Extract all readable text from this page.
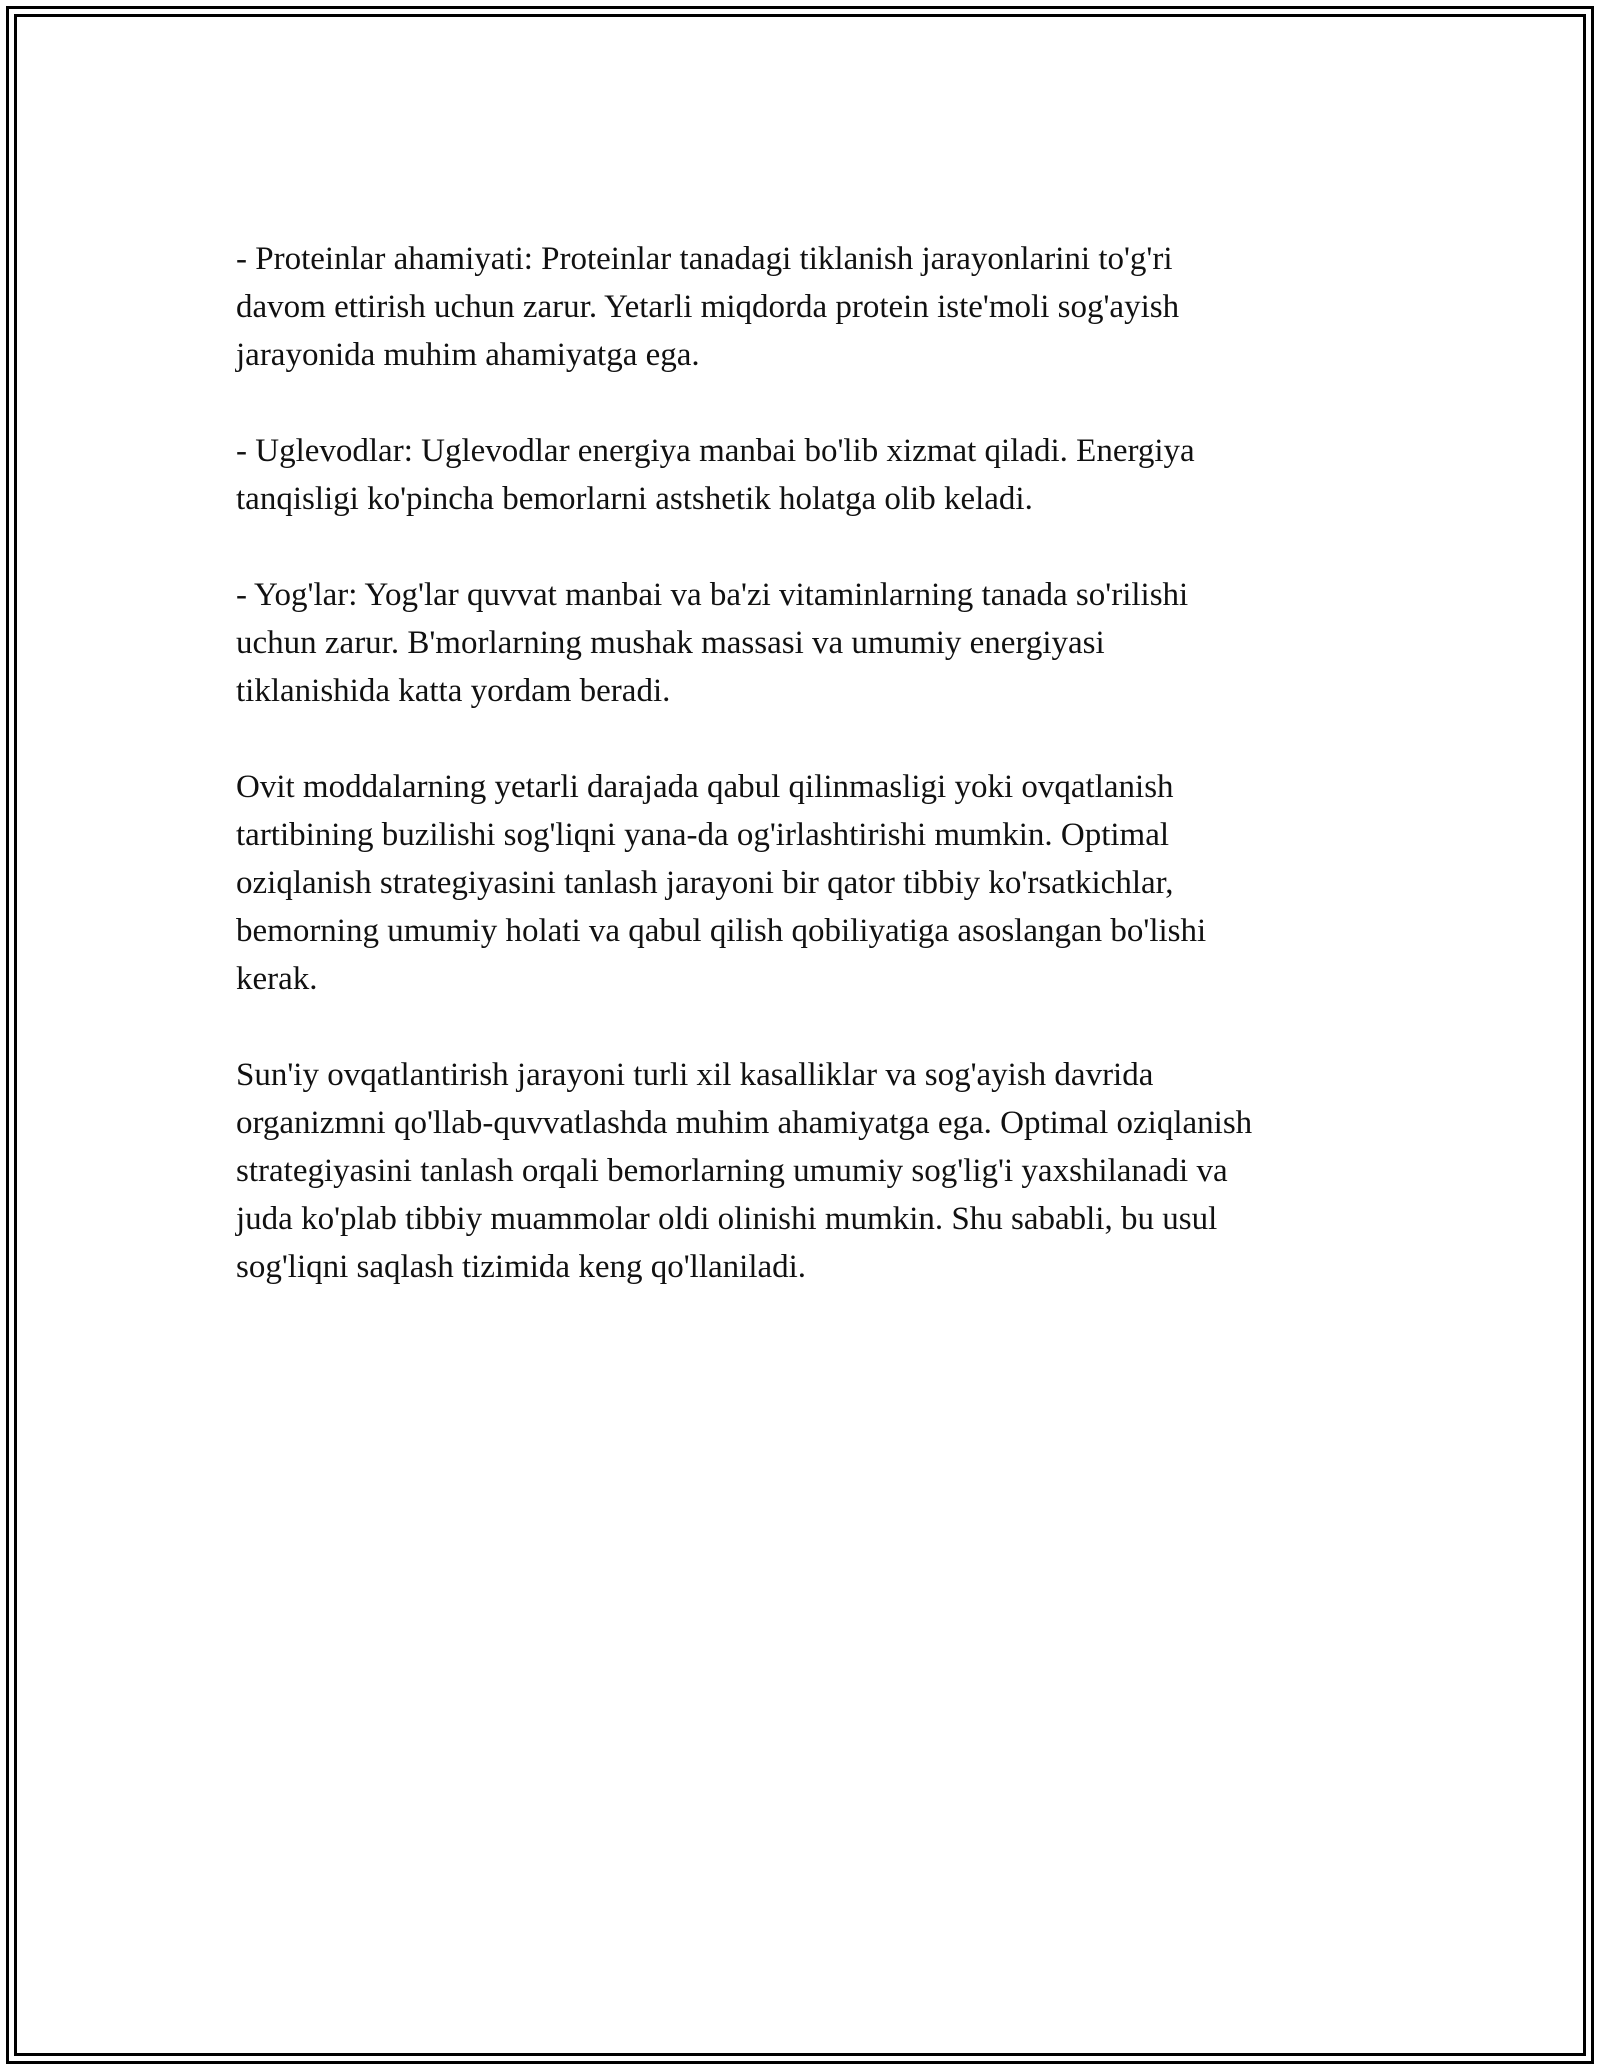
- Proteinlar ahamiyati: Proteinlar tanadagi tiklanish jarayonlarini to'g'ri
davom ettirish uchun zarur. Yetarli miqdorda protein iste'moli sog'ayish
jarayonida muhim ahamiyatga ega.

- Uglevodlar: Uglevodlar energiya manbai bo'lib xizmat qiladi. Energiya
tanqisligi ko'pincha bemorlarni astshetik holatga olib keladi.

- Yog'lar: Yog'lar quvvat manbai va ba'zi vitaminlarning tanada so'rilishi
uchun zarur. B'morlarning mushak massasi va umumiy energiyasi
tiklanishida katta yordam beradi.

Ovit moddalarning yetarli darajada qabul qilinmasligi yoki ovqatlanish
tartibining buzilishi sog'liqni yana-da og'irlashtirishi mumkin. Optimal
oziqlanish strategiyasini tanlash jarayoni bir qator tibbiy ko'rsatkichlar,
bemorning umumiy holati va qabul qilish qobiliyatiga asoslangan bo'lishi
kerak.

Sun'iy ovqatlantirish jarayoni turli xil kasalliklar va sog'ayish davrida
organizmni qo'llab-quvvatlashda muhim ahamiyatga ega. Optimal oziqlanish
strategiyasini tanlash orqali bemorlarning umumiy sog'lig'i yaxshilanadi va
juda ko'plab tibbiy muammolar oldi olinishi mumkin. Shu sababli, bu usul
sog'liqni saqlash tizimida keng qo'llaniladi.
